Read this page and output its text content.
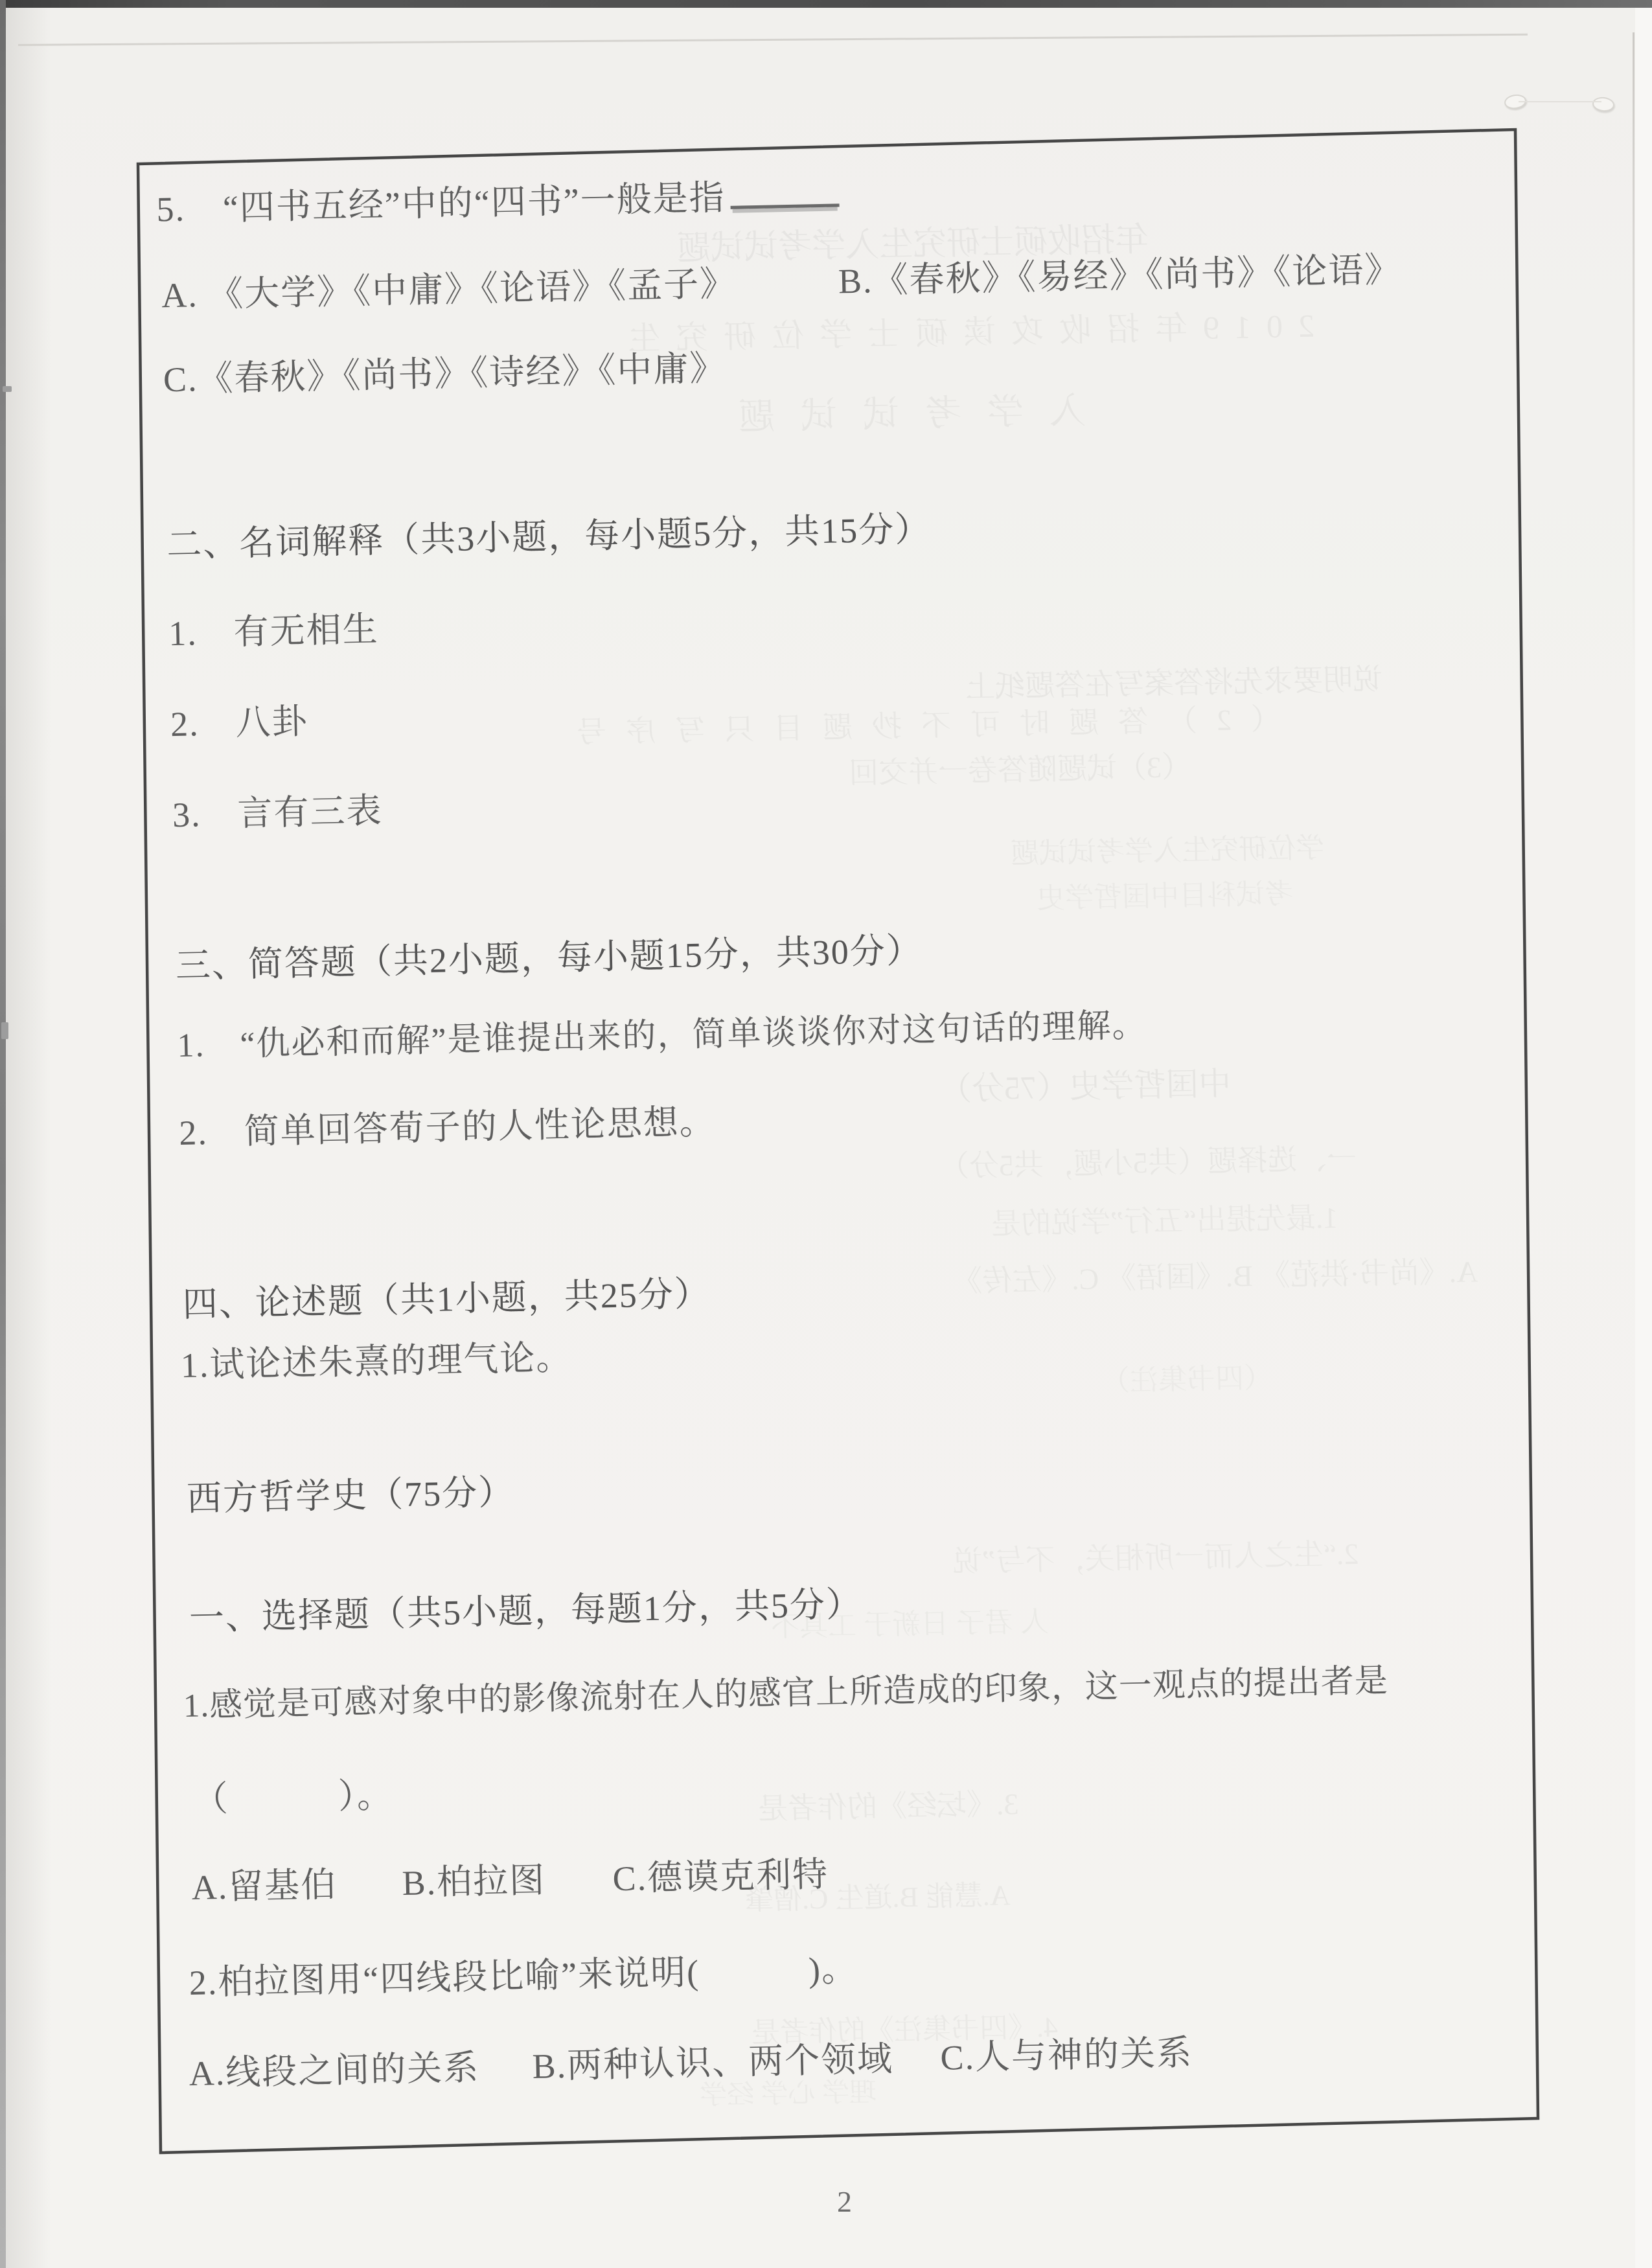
年招收硕士研究生入学考试试题
2019年招收攻读硕士学位研究生
入学考试试题
说明要求先将答案写在答题纸上
（2）答题时可不抄题目只写序号
（3）试题随答卷一并交回
学位研究生入学考试试题
考试科目中国哲学史
中国哲学史（75分）
一、选择题（共5小题，共5分）
1.最先提出“五行”学说的是
A.《尚书·洪范》 B.《国语》 C.《左传》
（四书集注）
2.“生之人而一所相关，不与”说
人 君子 日新于 工具不
3.《坛经》的作者是
A.慧能 B.道生 C.僧肇
4.《四书集注》的作者是
理学 心学 经学
5. “四书五经”中的“四书”一般是指
A. 《大学》《中庸》《论语》《孟子》	B.《春秋》《易经》《尚书》《论语》
C.《春秋》《尚书》《诗经》《中庸》
二、名词解释（共3小题，每小题5分，共15分）
1.　有无相生
2.　八卦
3.　言有三表
三、简答题（共2小题，每小题15分，共30分）
1.　“仇必和而解”是谁提出来的，简单谈谈你对这句话的理解。
2.　简单回答荀子的人性论思想。
四、论述题（共1小题，共25分）
1.试论述朱熹的理气论。
西方哲学史（75分）
一、选择题（共5小题，每题1分，共5分）
1.感觉是可感对象中的影像流射在人的感官上所造成的印象，这一观点的提出者是
（　　　）。
A.留基伯 B.柏拉图 C.德谟克利特
2.柏拉图用“四线段比喻”来说明(　　　)。
A.线段之间的关系 B.两种认识、两个领域 C.人与神的关系
2
